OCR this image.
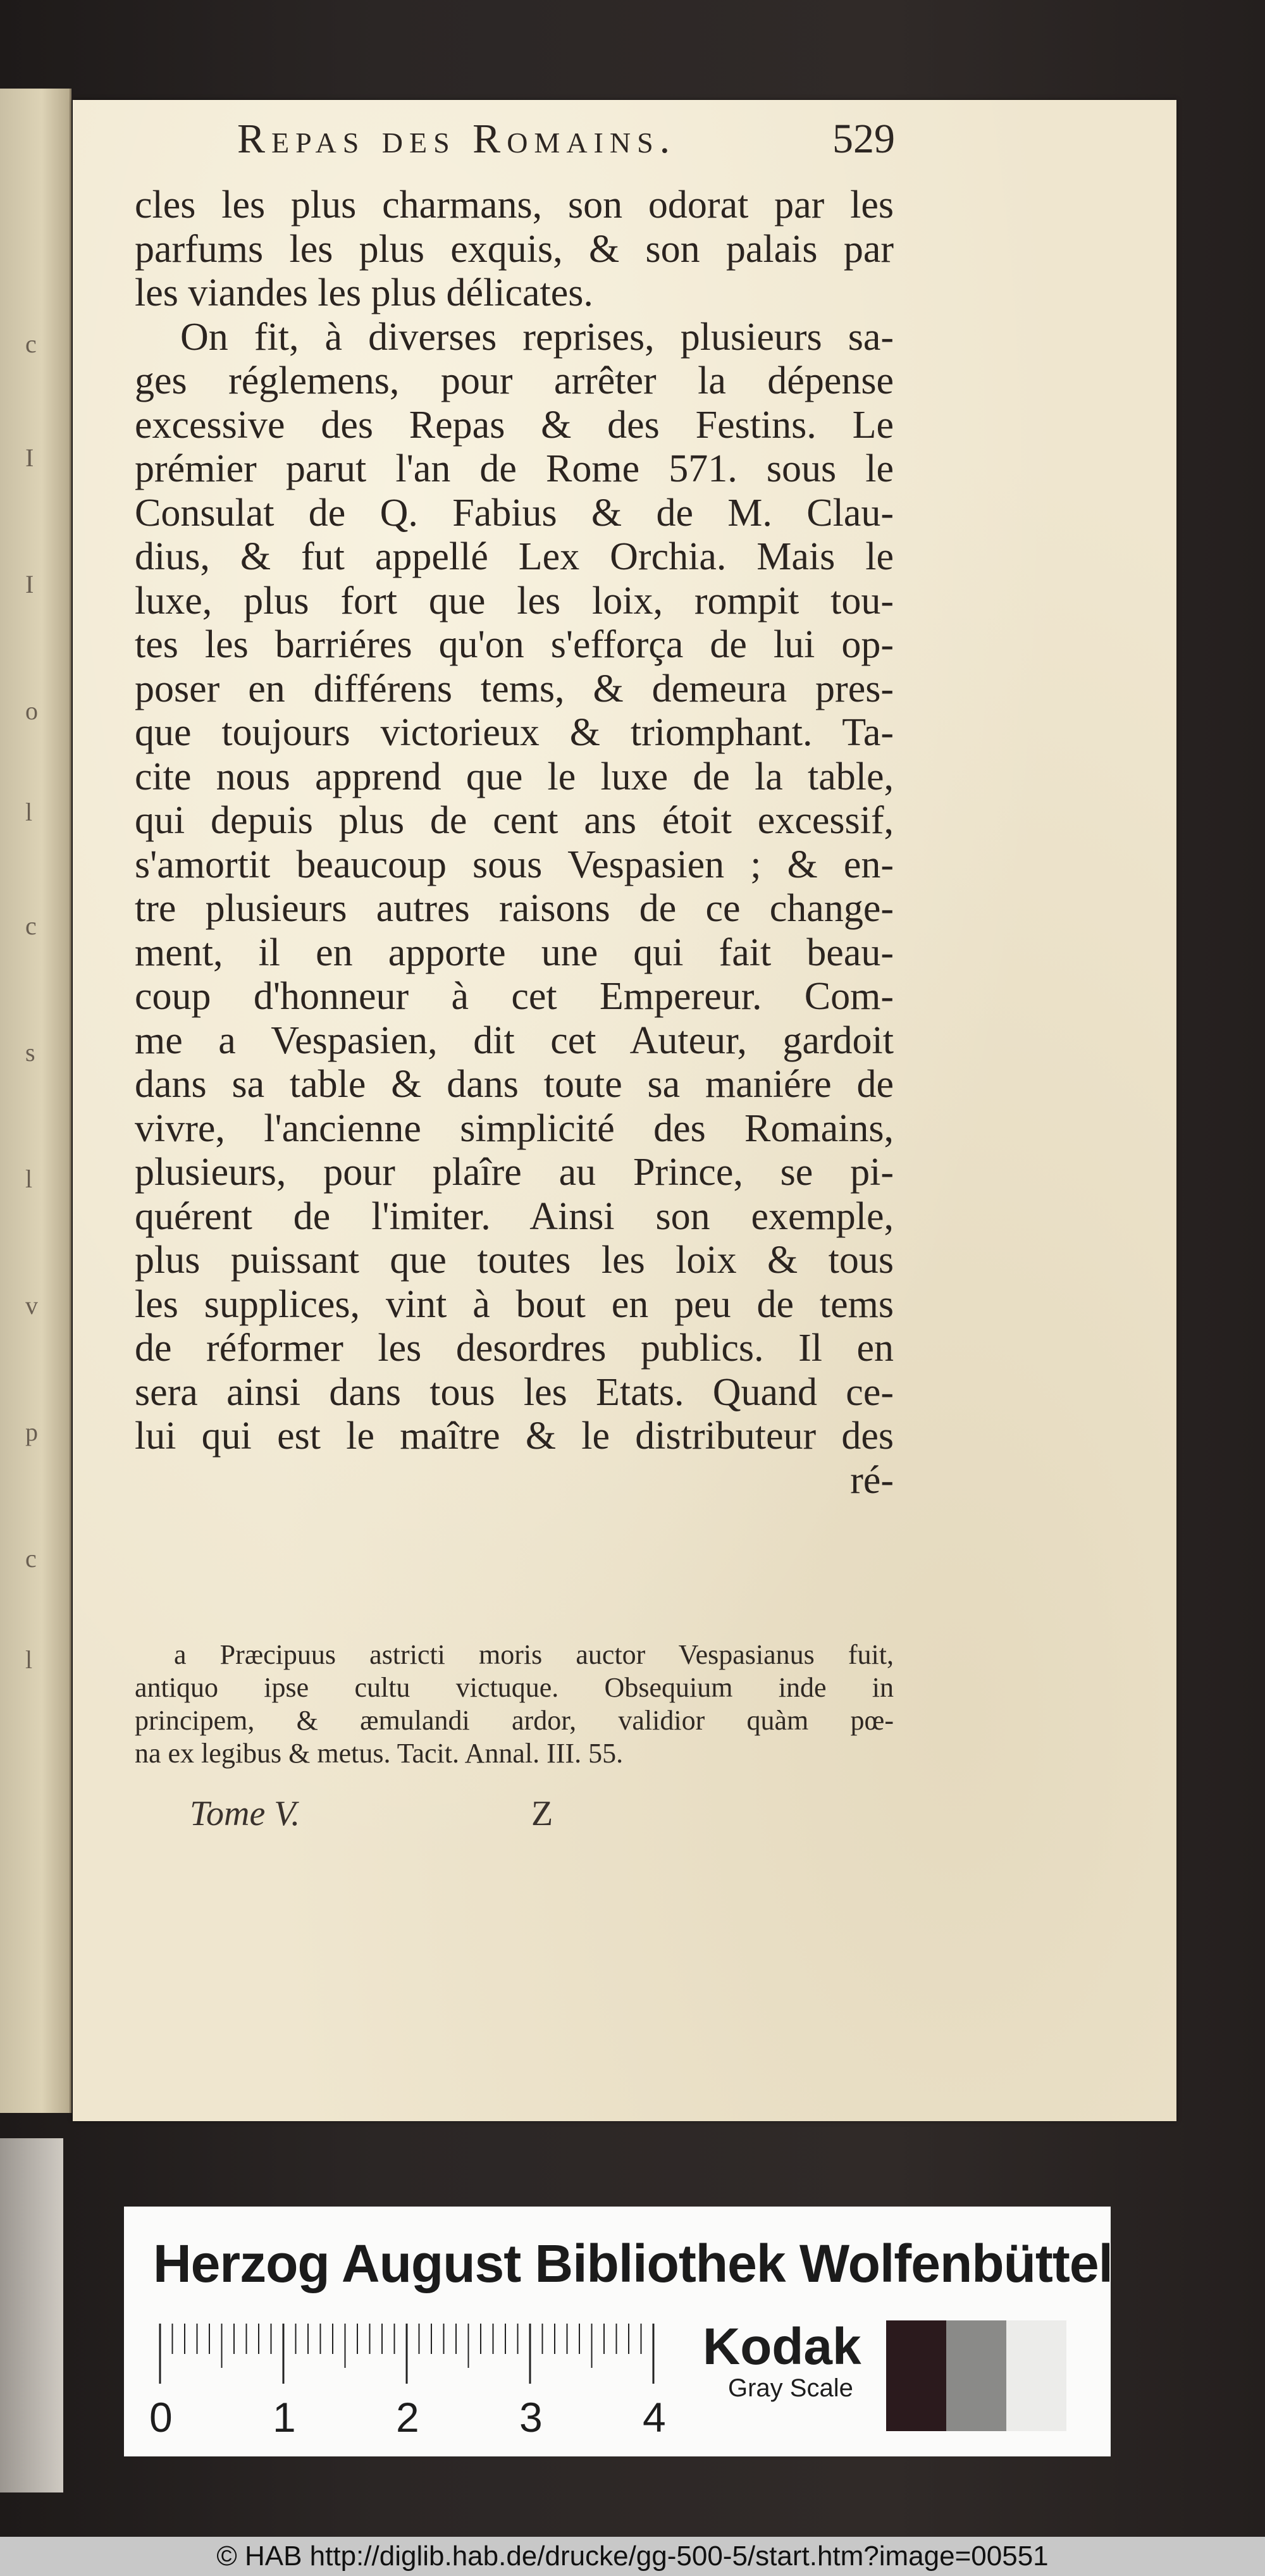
c
I
I
o
l
c
s
l
v
p
c
l
Repas des Romains.	529
cles les plus charmans, son odorat par les
parfums les plus exquis, & son palais par
les viandes les plus délicates.
On fit, à diverses reprises, plusieurs sa-
ges réglemens, pour arrêter la dépense
excessive des Repas & des Festins. Le
prémier parut l'an de Rome 571. sous le
Consulat de Q. Fabius & de M. Clau-
dius, & fut appellé Lex Orchia. Mais le
luxe, plus fort que les loix, rompit tou-
tes les barriéres qu'on s'efforça de lui op-
poser en différens tems, & demeura pres-
que toujours victorieux & triomphant. Ta-
cite nous apprend que le luxe de la table,
qui depuis plus de cent ans étoit excessif,
s'amortit beaucoup sous Vespasien ; & en-
tre plusieurs autres raisons de ce change-
ment, il en apporte une qui fait beau-
coup d'honneur à cet Empereur. Com-
me a Vespasien, dit cet Auteur, gardoit
dans sa table & dans toute sa maniére de
vivre, l'ancienne simplicité des Romains,
plusieurs, pour plaîre au Prince, se pi-
quérent de l'imiter. Ainsi son exemple,
plus puissant que toutes les loix & tous
les supplices, vint à bout en peu de tems
de réformer les desordres publics. Il en
sera ainsi dans tous les Etats. Quand ce-
lui qui est le maître & le distributeur des
ré-
a Præcipuus astricti moris auctor Vespasianus fuit,
antiquo ipse cultu victuque. Obsequium inde in
principem, & æmulandi ardor, validior quàm pœ-
na ex legibus & metus. Tacit. Annal. III. 55.
Tome V.	Z
Herzog August Bibliothek Wolfenbüttel
0 1 2 3 4
Kodak
Gray Scale
© HAB http://diglib.hab.de/drucke/gg-500-5/start.htm?image=00551
